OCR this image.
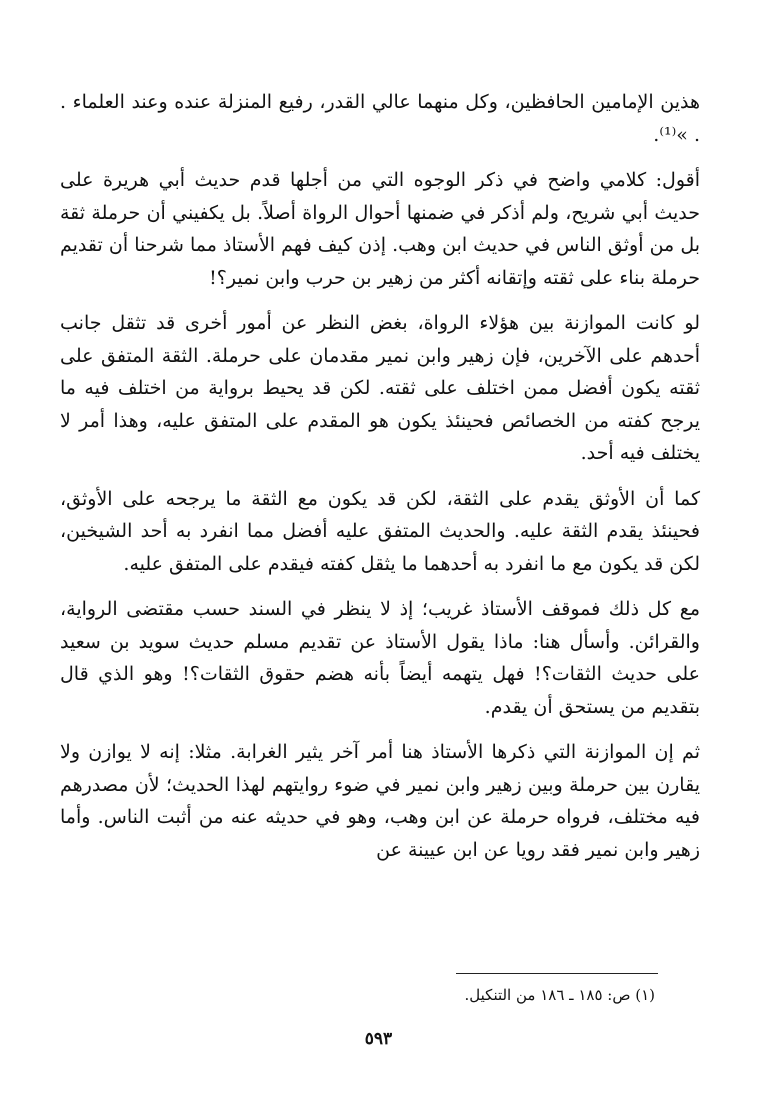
هذين الإمامين الحافظين، وكل منهما عالي القدر، رفيع المنزلة عنده وعند العلماء . . »⁽¹⁾.

أقول: كلامي واضح في ذكر الوجوه التي من أجلها قدم حديث أبي هريرة على حديث أبي شريح، ولم أذكر في ضمنها أحوال الرواة أصلاً. بل يكفيني أن حرملة ثقة بل من أوثق الناس في حديث ابن وهب. إذن كيف فهم الأستاذ مما شرحنا أن تقديم حرملة بناء على ثقته وإتقانه أكثر من زهير بن حرب وابن نمير؟!

لو كانت الموازنة بين هؤلاء الرواة، بغض النظر عن أمور أخرى قد تثقل جانب أحدهم على الآخرين، فإن زهير وابن نمير مقدمان على حرملة. الثقة المتفق على ثقته يكون أفضل ممن اختلف على ثقته. لكن قد يحيط برواية من اختلف فيه ما يرجح كفته من الخصائص فحينئذ يكون هو المقدم على المتفق عليه، وهذا أمر لا يختلف فيه أحد.

كما أن الأوثق يقدم على الثقة، لكن قد يكون مع الثقة ما يرجحه على الأوثق، فحينئذ يقدم الثقة عليه. والحديث المتفق عليه أفضل مما انفرد به أحد الشيخين، لكن قد يكون مع ما انفرد به أحدهما ما يثقل كفته فيقدم على المتفق عليه.

مع كل ذلك فموقف الأستاذ غريب؛ إذ لا ينظر في السند حسب مقتضى الرواية، والقرائن. وأسأل هنا: ماذا يقول الأستاذ عن تقديم مسلم حديث سويد بن سعيد على حديث الثقات؟! فهل يتهمه أيضاً بأنه هضم حقوق الثقات؟! وهو الذي قال بتقديم من يستحق أن يقدم.

ثم إن الموازنة التي ذكرها الأستاذ هنا أمر آخر يثير الغرابة. مثلا: إنه لا يوازن ولا يقارن بين حرملة وبين زهير وابن نمير في ضوء روايتهم لهذا الحديث؛ لأن مصدرهم فيه مختلف، فرواه حرملة عن ابن وهب، وهو في حديثه عنه من أثبت الناس. وأما زهير وابن نمير فقد رويا عن ابن عيينة عن

(١) ص: ١٨٥ ـ ١٨٦ من التنكيل.
٥٩٣
